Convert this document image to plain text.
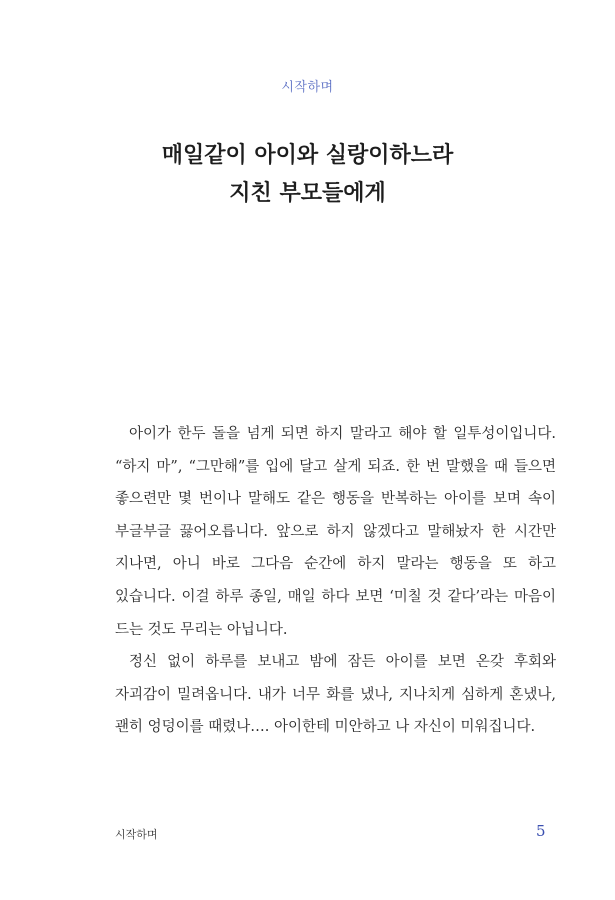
시작하며
매일같이 아이와 실랑이하느라
지친 부모들에게

아이가 한두 돌을 넘게 되면 하지 말라고 해야 할 일투성이입니다. “하지 마”, “그만해”를 입에 달고 살게 되죠. 한 번 말했을 때 들으면 좋으련만 몇 번이나 말해도 같은 행동을 반복하는 아이를 보며 속이 부글부글 끓어오릅니다. 앞으로 하지 않겠다고 말해놨자 한 시간만 지나면, 아니 바로 그다음 순간에 하지 말라는 행동을 또 하고 있습니다. 이걸 하루 종일, 매일 하다 보면 ‘미칠 것 같다’라는 마음이 드는 것도 무리는 아닙니다.

정신 없이 하루를 보내고 밤에 잠든 아이를 보면 온갖 후회와 자괴감이 밀려옵니다. 내가 너무 화를 냈나, 지나치게 심하게 혼냈나, 괜히 엉덩이를 때렸나…. 아이한테 미안하고 나 자신이 미워집니다.

시작하며	5
